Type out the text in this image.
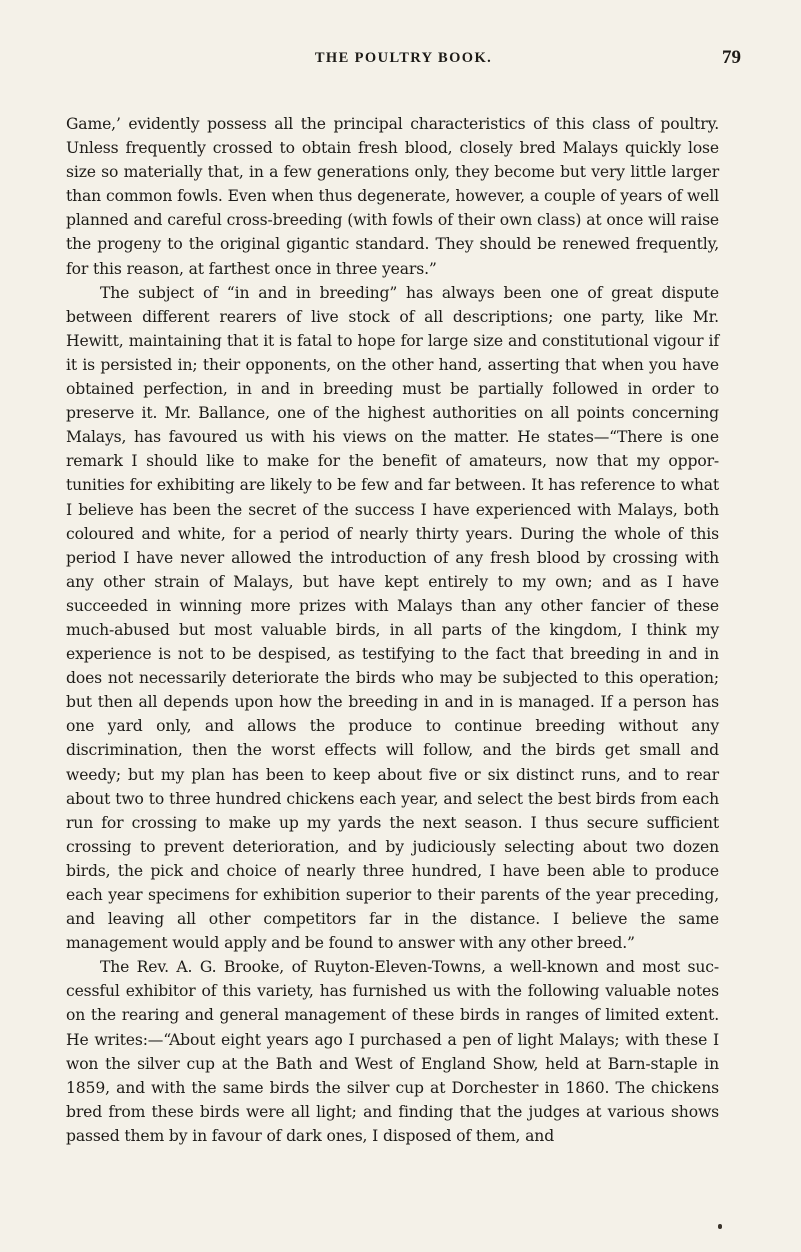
THE POULTRY BOOK.	79

Game,’ evidently possess all the principal characteristics of this class of poultry. Unless frequently crossed to obtain fresh blood, closely bred Malays quickly lose size so materially that, in a few generations only, they become but very little larger than common fowls. Even when thus degenerate, however, a couple of years of well planned and careful cross-breeding (with fowls of their own class) at once will raise the progeny to the original gigantic standard. They should be renewed frequently, for this reason, at farthest once in three years.”

The subject of “in and in breeding” has always been one of great dispute between different rearers of live stock of all descriptions; one party, like Mr. Hewitt, maintaining that it is fatal to hope for large size and constitutional vigour if it is persisted in; their opponents, on the other hand, asserting that when you have obtained perfection, in and in breeding must be partially followed in order to preserve it. Mr. Ballance, one of the highest authorities on all points concerning Malays, has favoured us with his views on the matter. He states—“There is one remark I should like to make for the benefit of amateurs, now that my oppor-tunities for exhibiting are likely to be few and far between. It has reference to what I believe has been the secret of the success I have experienced with Malays, both coloured and white, for a period of nearly thirty years. During the whole of this period I have never allowed the introduction of any fresh blood by crossing with any other strain of Malays, but have kept entirely to my own; and as I have succeeded in winning more prizes with Malays than any other fancier of these much-abused but most valuable birds, in all parts of the kingdom, I think my experience is not to be despised, as testifying to the fact that breeding in and in does not necessarily deteriorate the birds who may be subjected to this operation; but then all depends upon how the breeding in and in is managed. If a person has one yard only, and allows the produce to continue breeding without any discrimination, then the worst effects will follow, and the birds get small and weedy; but my plan has been to keep about five or six distinct runs, and to rear about two to three hundred chickens each year, and select the best birds from each run for crossing to make up my yards the next season. I thus secure sufficient crossing to prevent deterioration, and by judiciously selecting about two dozen birds, the pick and choice of nearly three hundred, I have been able to produce each year specimens for exhibition superior to their parents of the year preceding, and leaving all other competitors far in the distance. I believe the same management would apply and be found to answer with any other breed.”

The Rev. A. G. Brooke, of Ruyton-Eleven-Towns, a well-known and most suc-cessful exhibitor of this variety, has furnished us with the following valuable notes on the rearing and general management of these birds in ranges of limited extent. He writes:—“About eight years ago I purchased a pen of light Malays; with these I won the silver cup at the Bath and West of England Show, held at Barn-staple in 1859, and with the same birds the silver cup at Dorchester in 1860. The chickens bred from these birds were all light; and finding that the judges at various shows passed them by in favour of dark ones, I disposed of them, and
